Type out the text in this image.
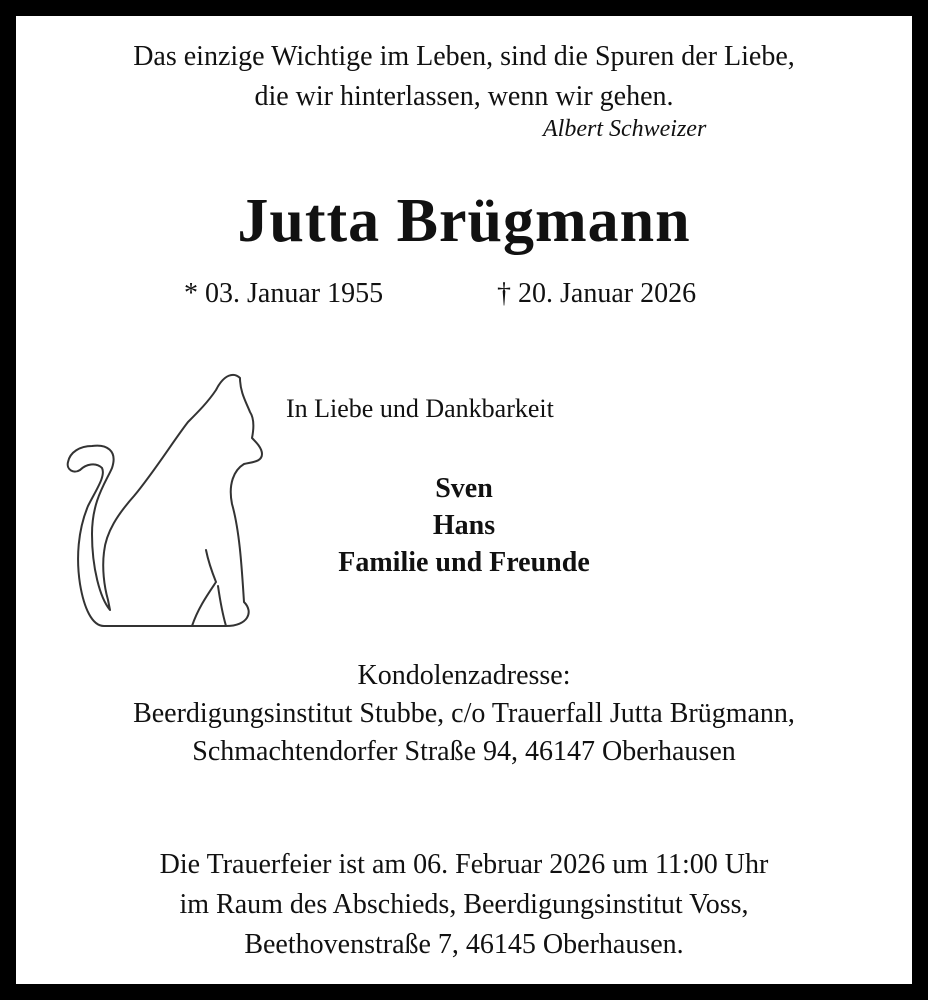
Das einzige Wichtige im Leben, sind die Spuren der Liebe,
die wir hinterlassen, wenn wir gehen.
Albert Schweizer
Jutta Brügmann
* 03. Januar 1955	† 20. Januar 2026
In Liebe und Dankbarkeit
Sven
Hans
Familie und Freunde
Kondolenzadresse:
Beerdigungsinstitut Stubbe, c/o Trauerfall Jutta Brügmann,
Schmachtendorfer Straße 94, 46147 Oberhausen
Die Trauerfeier ist am 06. Februar 2026 um 11:00 Uhr
im Raum des Abschieds, Beerdigungsinstitut Voss,
Beethovenstraße 7, 46145 Oberhausen.
